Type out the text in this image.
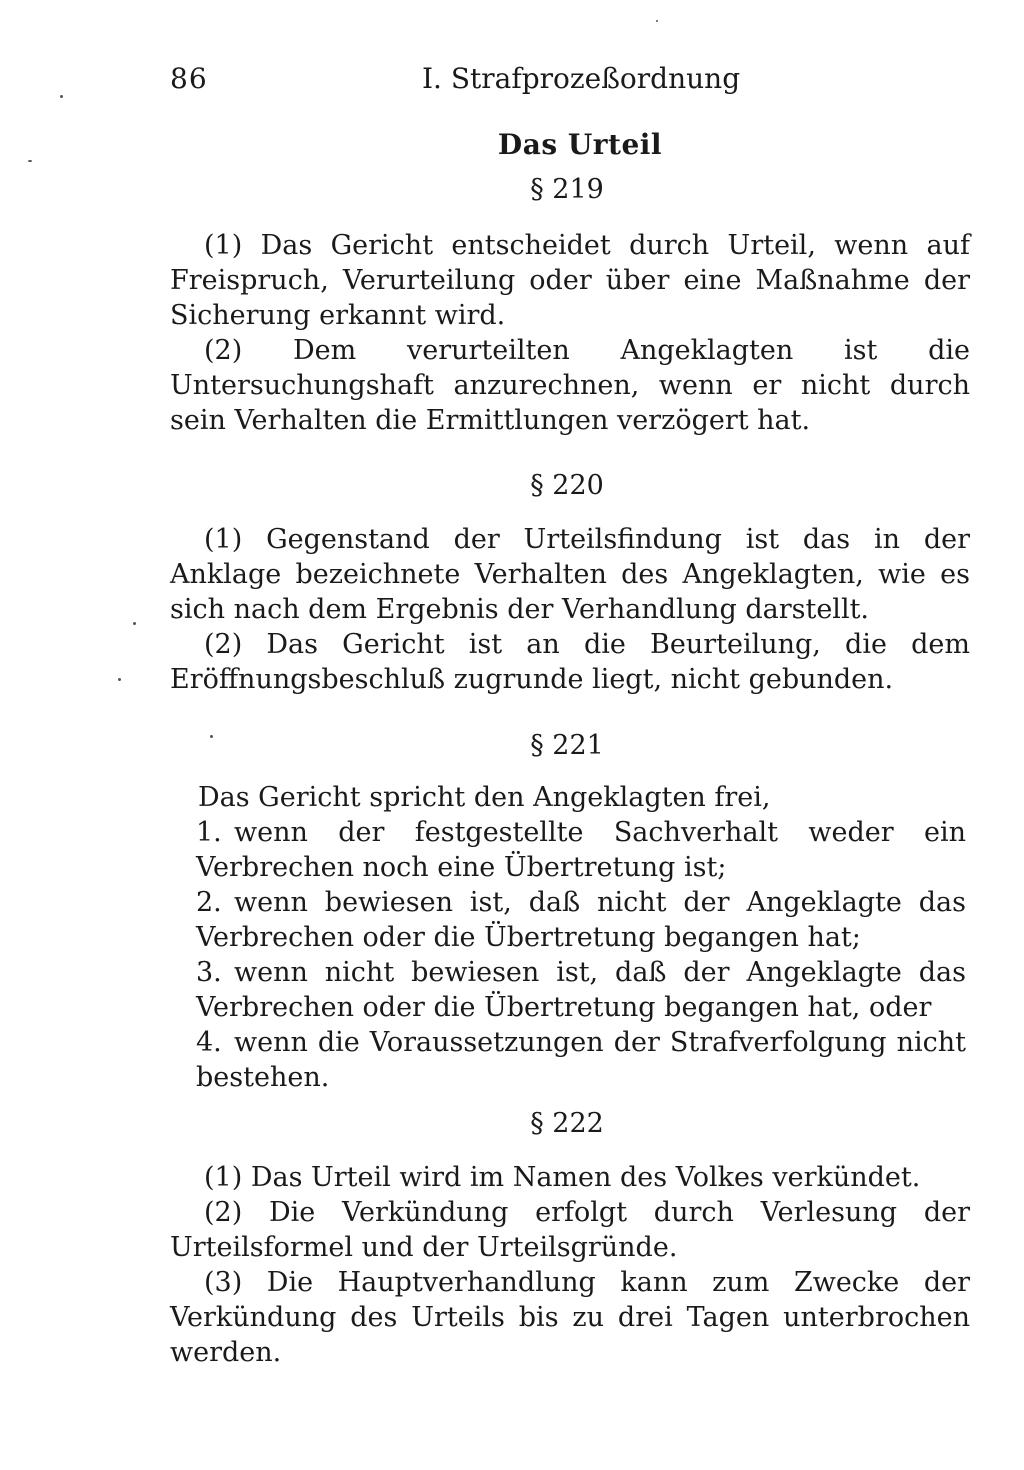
86	I. Strafprozeßordnung
Das Urteil
§ 219
(1) Das Gericht entscheidet durch Urteil, wenn auf Freispruch, Verurteilung oder über eine Maßnahme der Sicherung erkannt wird.
(2) Dem verurteilten Angeklagten ist die Untersuchungshaft anzurechnen, wenn er nicht durch sein Verhalten die Ermittlungen verzögert hat.
§ 220
(1) Gegenstand der Urteilsfindung ist das in der Anklage bezeichnete Verhalten des Angeklagten, wie es sich nach dem Ergebnis der Verhandlung darstellt.
(2) Das Gericht ist an die Beurteilung, die dem Eröffnungsbeschluß zugrunde liegt, nicht gebunden.
§ 221
Das Gericht spricht den Angeklagten frei,
1. wenn der festgestellte Sachverhalt weder ein Verbrechen noch eine Übertretung ist;
2. wenn bewiesen ist, daß nicht der Angeklagte das Verbrechen oder die Übertretung begangen hat;
3. wenn nicht bewiesen ist, daß der Angeklagte das Verbrechen oder die Übertretung begangen hat, oder
4. wenn die Voraussetzungen der Strafverfolgung nicht bestehen.
§ 222
(1) Das Urteil wird im Namen des Volkes verkündet.
(2) Die Verkündung erfolgt durch Verlesung der Urteilsformel und der Urteilsgründe.
(3) Die Hauptverhandlung kann zum Zwecke der Verkündung des Urteils bis zu drei Tagen unterbrochen werden.
